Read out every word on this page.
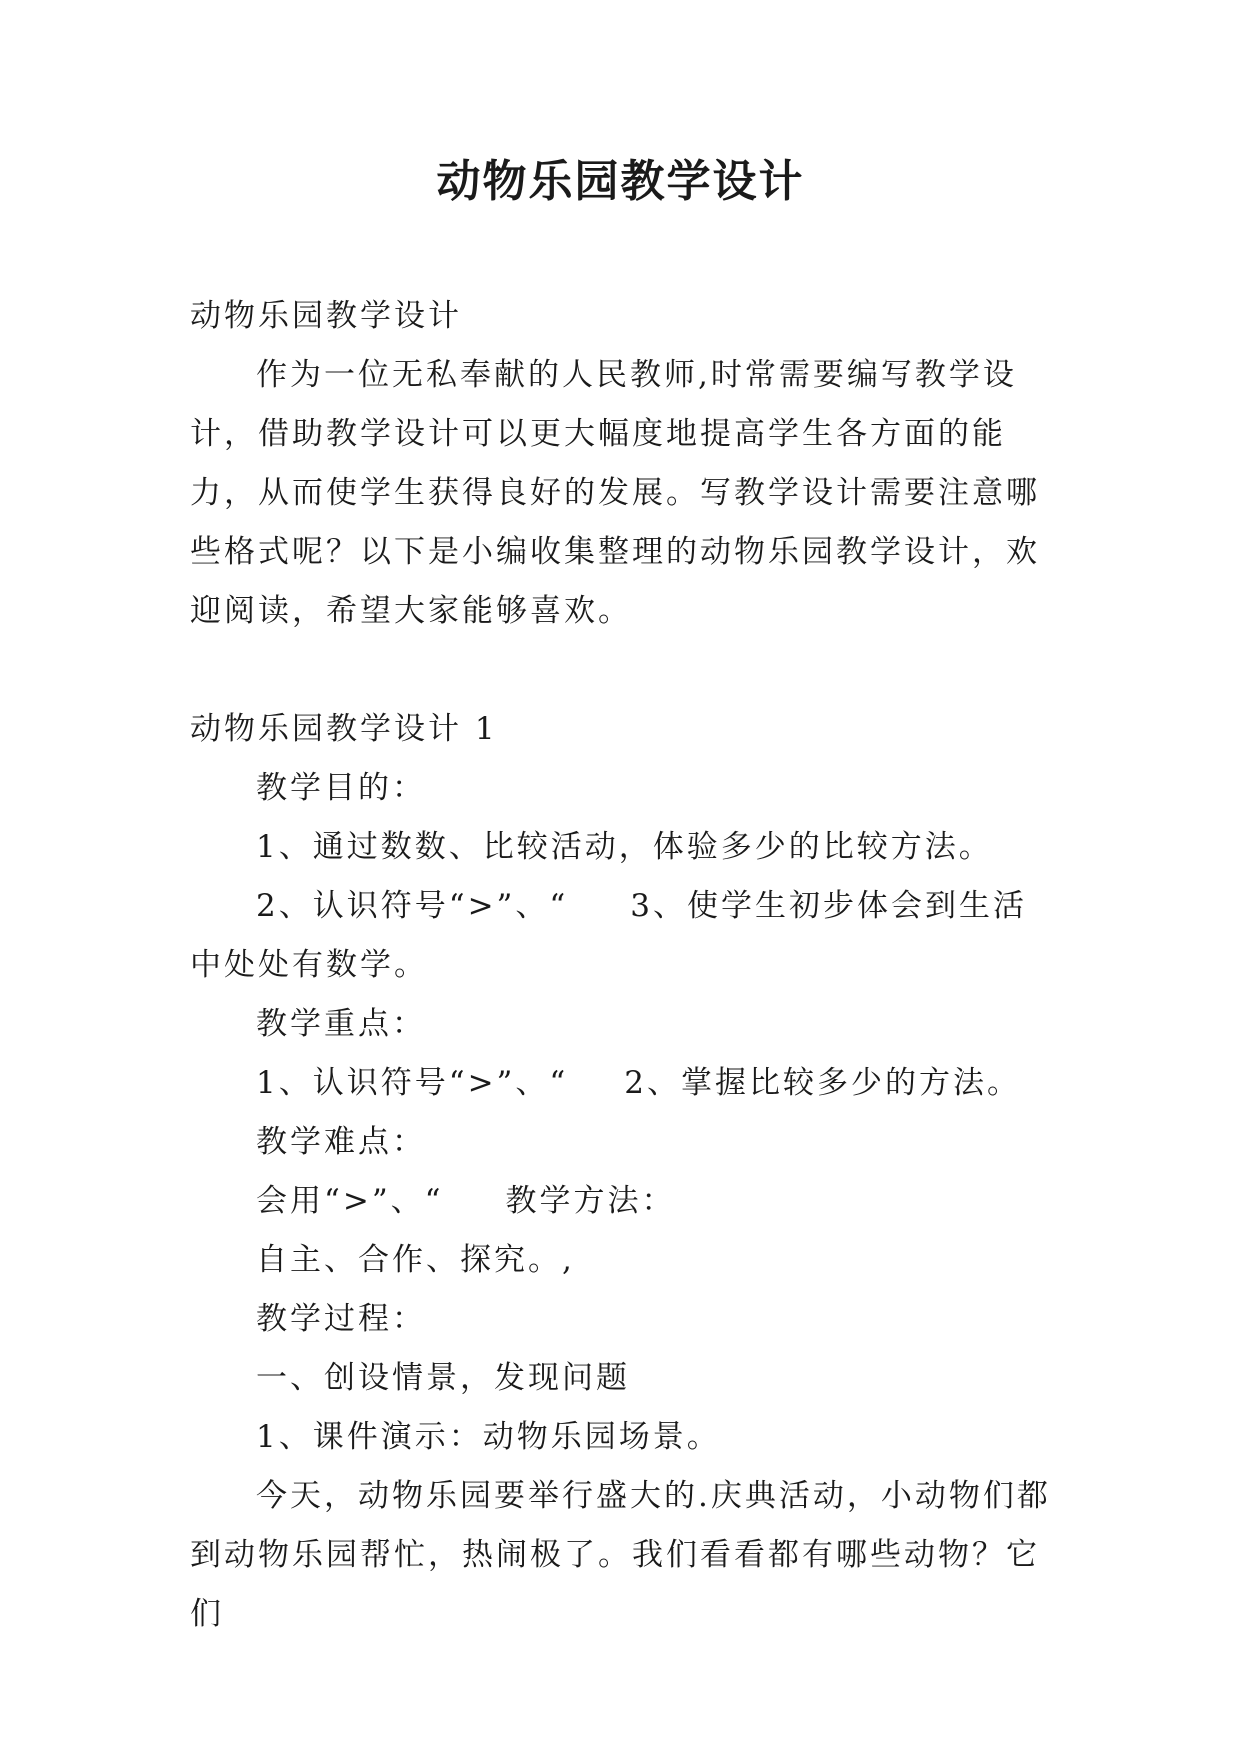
动物乐园教学设计

动物乐园教学设计

作为一位无私奉献的人民教师,时常需要编写教学设计，借助教学设计可以更大幅度地提高学生各方面的能力，从而使学生获得良好的发展。写教学设计需要注意哪些格式呢？以下是小编收集整理的动物乐园教学设计，欢迎阅读，希望大家能够喜欢。

动物乐园教学设计 1

教学目的：

1、通过数数、比较活动，体验多少的比较方法。

2、认识符号“>”、“ 3、使学生初步体会到生活中处处有数学。

教学重点：

1、认识符号“>”、“ 2、掌握比较多少的方法。

教学难点：

会用“>”、“ 教学方法：

自主、合作、探究。,

教学过程：

一、创设情景，发现问题

1、课件演示：动物乐园场景。

今天，动物乐园要举行盛大的.庆典活动，小动物们都到动物乐园帮忙，热闹极了。我们看看都有哪些动物？它们
